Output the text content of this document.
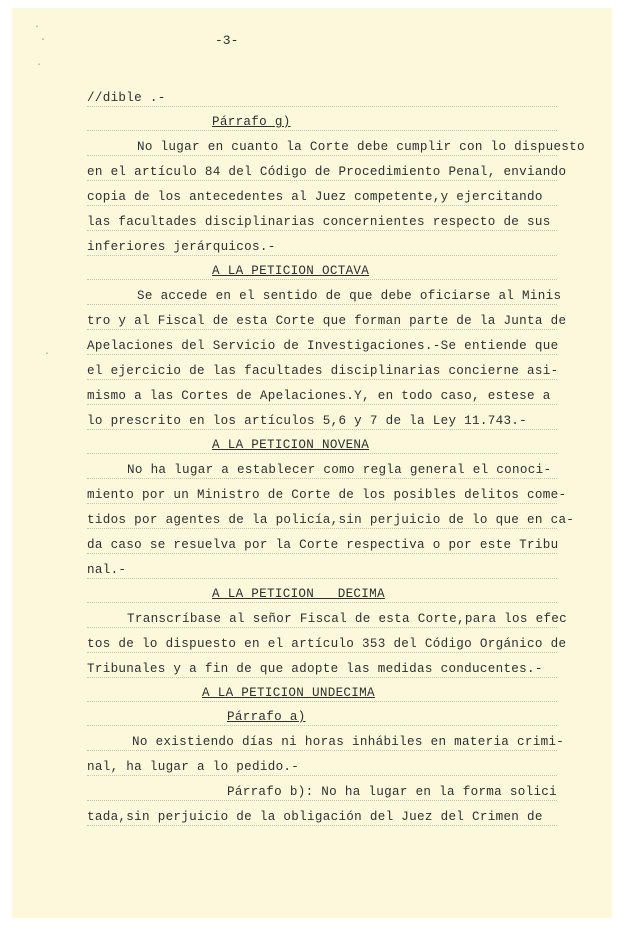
-3-
·
·
·
·
//dible .-
Párrafo g)
No lugar en cuanto la Corte debe cumplir con lo dispuesto
en el artículo 84 del Código de Procedimiento Penal, enviando
copia de los antecedentes al Juez competente,y ejercitando
las facultades disciplinarias concernientes respecto de sus
inferiores jerárquicos.-
A LA PETICION OCTAVA
Se accede en el sentido de que debe oficiarse al Minis
tro y al Fiscal de esta Corte que forman parte de la Junta de
Apelaciones del Servicio de Investigaciones.-Se entiende que
el ejercicio de las facultades disciplinarias concierne asi-
mismo a las Cortes de Apelaciones.Y, en todo caso, estese a
lo prescrito en los artículos 5,6 y 7 de la Ley 11.743.-
A LA PETICION NOVENA
No ha lugar a establecer como regla general el conoci-
miento por un Ministro de Corte de los posibles delitos come-
tidos por agentes de la policía,sin perjuicio de lo que en ca-
da caso se resuelva por la Corte respectiva o por este Tribu
nal.-
A LA PETICION   DECIMA
Transcríbase al señor Fiscal de esta Corte,para los efec
tos de lo dispuesto en el artículo 353 del Código Orgánico de
Tribunales y a fin de que adopte las medidas conducentes.-
A LA PETICION UNDECIMA
Párrafo a)
No existiendo días ni horas inhábiles en materia crimi-
nal, ha lugar a lo pedido.-
Párrafo b): No ha lugar en la forma solici
tada,sin perjuicio de la obligación del Juez del Crimen de
